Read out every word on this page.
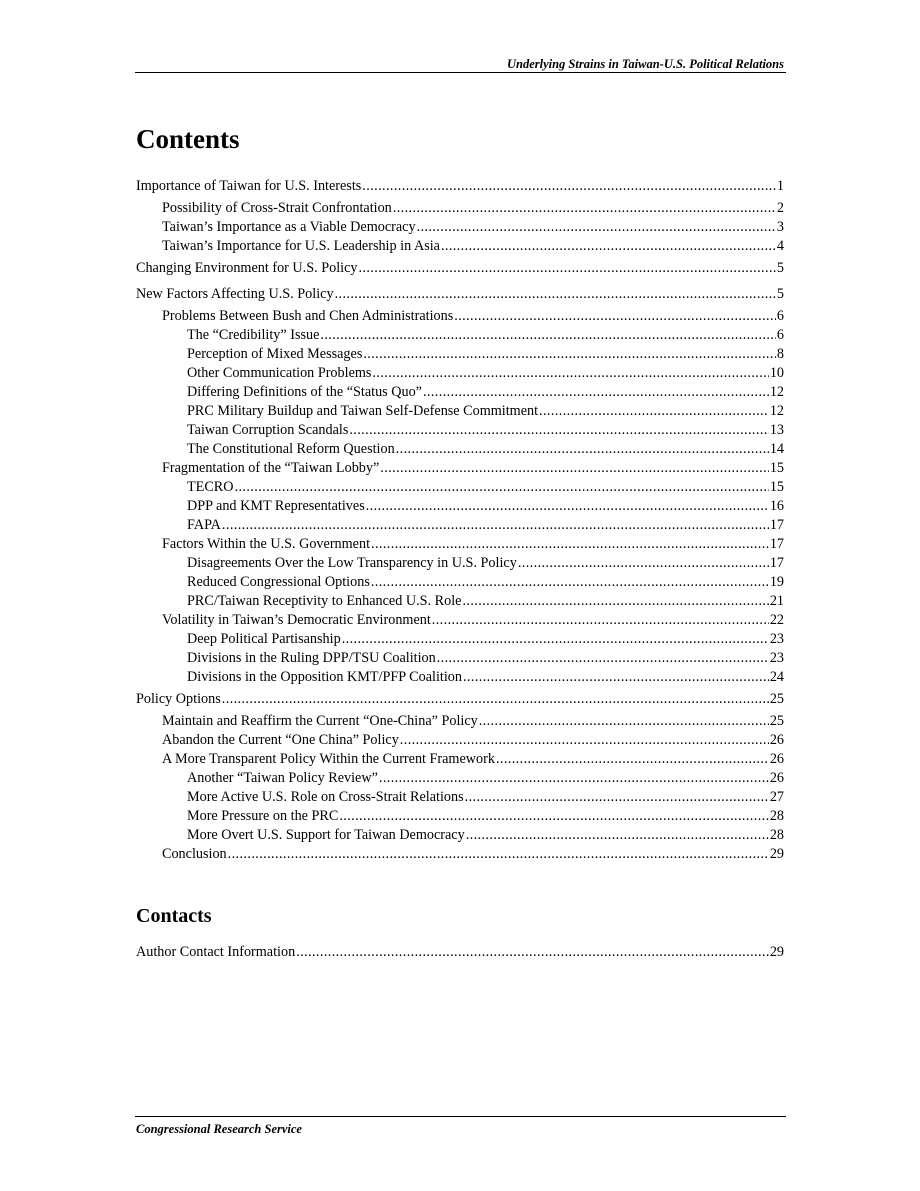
Underlying Strains in Taiwan-U.S. Political Relations
Contents
Importance of Taiwan for U.S. Interests .....	1
Possibility of Cross-Strait Confrontation .....	2
Taiwan’s Importance as a Viable Democracy .....	3
Taiwan’s Importance for U.S. Leadership in Asia .....	4
Changing Environment for U.S. Policy .....	5
New Factors Affecting U.S. Policy .....	5
Problems Between Bush and Chen Administrations .....	6
The “Credibility” Issue .....	6
Perception of Mixed Messages .....	8
Other Communication Problems .....	10
Differing Definitions of the “Status Quo” .....	12
PRC Military Buildup and Taiwan Self-Defense Commitment .....	12
Taiwan Corruption Scandals .....	13
The Constitutional Reform Question .....	14
Fragmentation of the “Taiwan Lobby” .....	15
TECRO .....	15
DPP and KMT Representatives .....	16
FAPA .....	17
Factors Within the U.S. Government .....	17
Disagreements Over the Low Transparency in U.S. Policy .....	17
Reduced Congressional Options .....	19
PRC/Taiwan Receptivity to Enhanced U.S. Role .....	21
Volatility in Taiwan’s Democratic Environment .....	22
Deep Political Partisanship .....	23
Divisions in the Ruling DPP/TSU Coalition .....	23
Divisions in the Opposition KMT/PFP Coalition .....	24
Policy Options .....	25
Maintain and Reaffirm the Current “One-China” Policy .....	25
Abandon the Current “One China” Policy .....	26
A More Transparent Policy Within the Current Framework .....	26
Another “Taiwan Policy Review” .....	26
More Active U.S. Role on Cross-Strait Relations .....	27
More Pressure on the PRC .....	28
More Overt U.S. Support for Taiwan Democracy .....	28
Conclusion .....	29
Contacts
Author Contact Information .....	29
Congressional Research Service
